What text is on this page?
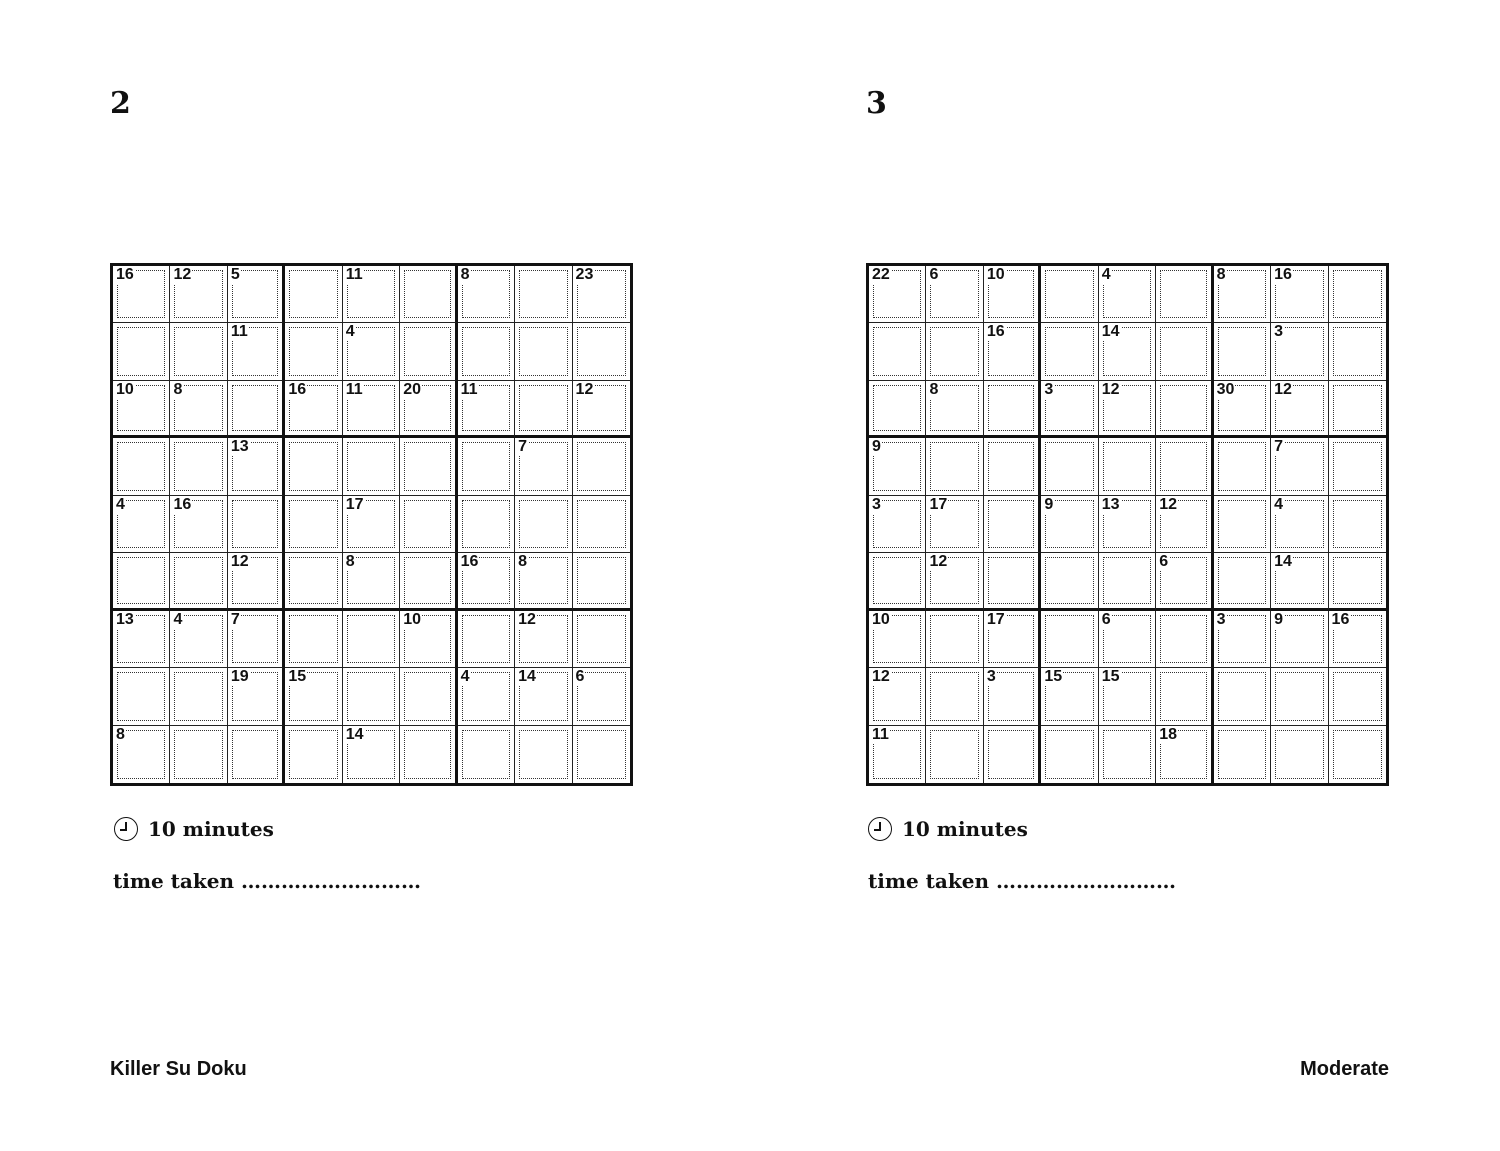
2
16 12 5	11	8	23
11	4
10 8	16 11	20 11	12
13	7
4	16	17
12	8	16 8
13 4	7	10	12
19 15	4	14 6
8	14
10 minutes
time taken ………………………
Killer Su Doku
3
22 6	10	4	8	16
16	14	3
8	3	12	30 12
9	7
3	17	9	13 12	4
12	6	14
10	17	6	3	9	16
12	3	15 15
11	18
10 minutes
time taken ………………………
Moderate
